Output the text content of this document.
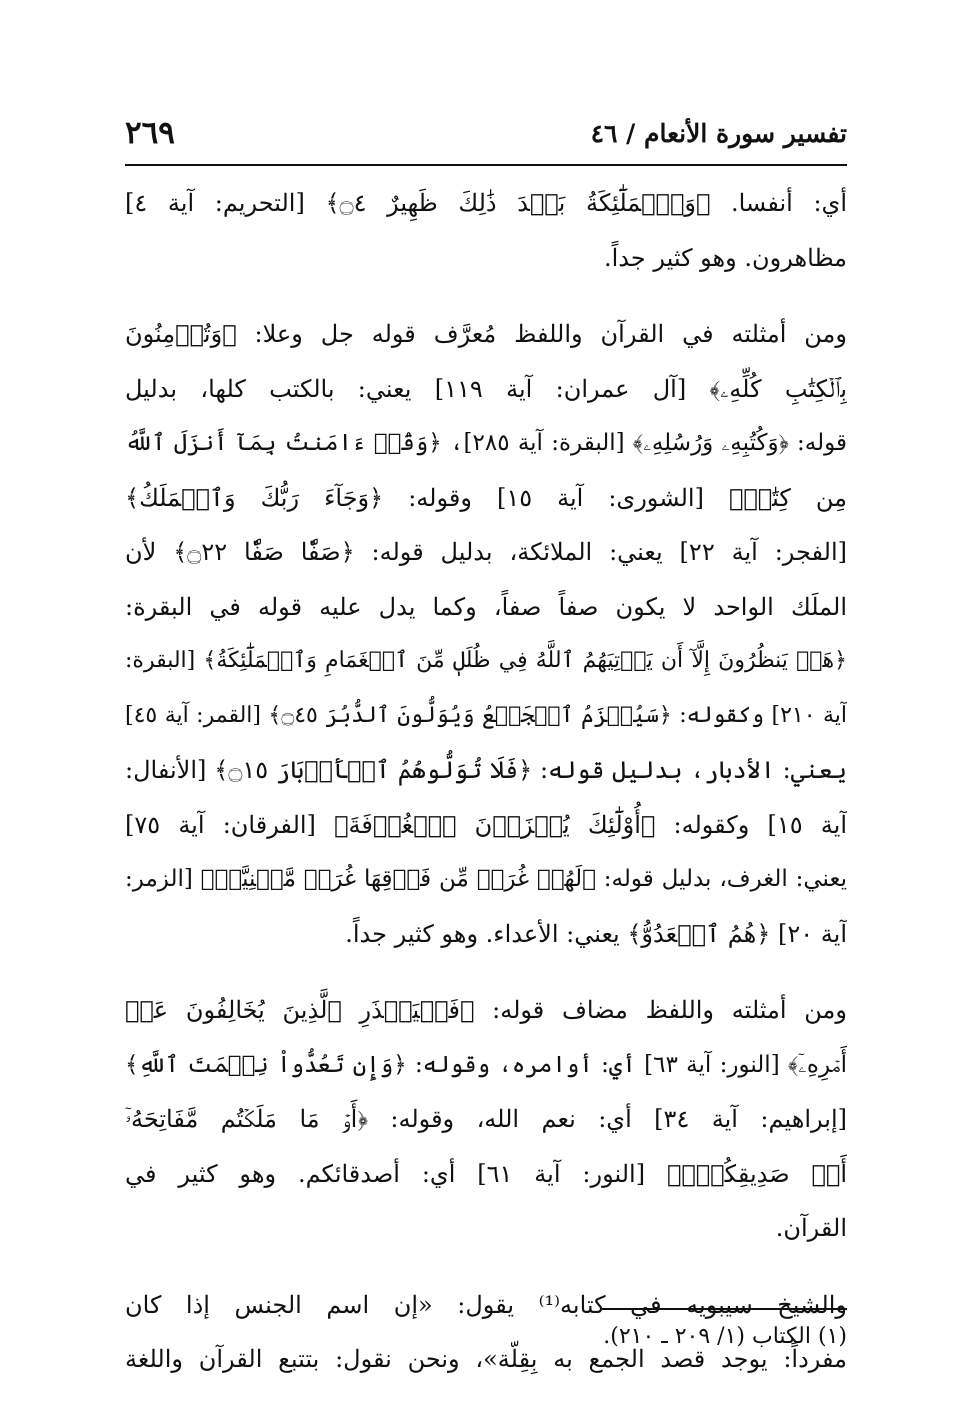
تفسير سورة الأنعام / ٤٦
٢٦٩
أي: أنفسا. ﴿وَٱلۡمَلَٰٓئِكَةُ بَعۡدَ ذَٰلِكَ ظَهِيرٌ ۝٤﴾ [التحريم: آية ٤]
مظاهرون. وهو كثير جداً.
ومن أمثلته في القرآن واللفظ مُعرَّف قوله جل وعلا: ﴿وَتُؤۡمِنُونَ
بِٱلۡكِتَٰبِ كُلِّهِۦ﴾ [آل عمران: آية ١١٩] يعني: بالكتب كلها، بدليل
قوله: ﴿وَكُتُبِهِۦ وَرُسُلِهِۦ﴾ [البقرة: آية ٢٨٥]، ﴿وَقُلۡ ءَامَنتُ بِمَآ أَنزَلَ ٱللَّهُ
مِن كِتَٰبٖ﴾ [الشورى: آية ١٥] وقوله: ﴿وَجَآءَ رَبُّكَ وَٱلۡمَلَكُ﴾
[الفجر: آية ٢٢] يعني: الملائكة، بدليل قوله: ﴿صَفّٗا صَفّٗا ۝٢٢﴾ لأن
الملَك الواحد لا يكون صفاً صفاً، وكما يدل عليه قوله في البقرة:
﴿هَلۡ يَنظُرُونَ إِلَّآ أَن يَأۡتِيَهُمُ ٱللَّهُ فِي ظُلَلٖ مِّنَ ٱلۡغَمَامِ وَٱلۡمَلَٰٓئِكَةُ﴾ [البقرة:
آية ٢١٠] وكقوله: ﴿سَيُهۡزَمُ ٱلۡجَمۡعُ وَيُوَلُّونَ ٱلدُّبُرَ ۝٤٥﴾ [القمر: آية ٤٥]
يعني: الأدبار، بدليل قوله: ﴿فَلَا تُوَلُّوهُمُ ٱلۡأَدۡبَارَ ۝١٥﴾ [الأنفال:
آية ١٥] وكقوله: ﴿أُوْلَٰٓئِكَ يُجۡزَوۡنَ ٱلۡغُرۡفَةَ﴾ [الفرقان: آية ٧٥]
يعني: الغرف، بدليل قوله: ﴿لَهُمۡ غُرَفٞ مِّن فَوۡقِهَا غُرَفٞ مَّبۡنِيَّةٞ﴾ [الزمر:
آية ٢٠] ﴿هُمُ ٱلۡعَدُوُّ﴾ يعني: الأعداء. وهو كثير جداً.
ومن أمثلته واللفظ مضاف قوله: ﴿فَلۡيَحۡذَرِ ٱلَّذِينَ يُخَالِفُونَ عَنۡ
أَمۡرِهِۦٓ﴾ [النور: آية ٦٣] أي: أوامره، وقوله: ﴿وَإِن تَعُدُّواْ نِعۡمَتَ ٱللَّهِ﴾
[إبراهيم: آية ٣٤] أي: نعم الله، وقوله: ﴿أَوۡ مَا مَلَكۡتُم مَّفَاتِحَهُۥٓ
أَوۡ صَدِيقِكُمۡۚ﴾ [النور: آية ٦١] أي: أصدقائكم. وهو كثير في
القرآن.
والشيخ سيبويه في كتابه⁽¹⁾ يقول: «إن اسم الجنس إذا كان
مفرداً: يوجد قصد الجمع به بِقِلّة»، ونحن نقول: بتتبع القرآن واللغة
(١) الكتاب (١/ ٢٠٩ ـ ٢١٠).
